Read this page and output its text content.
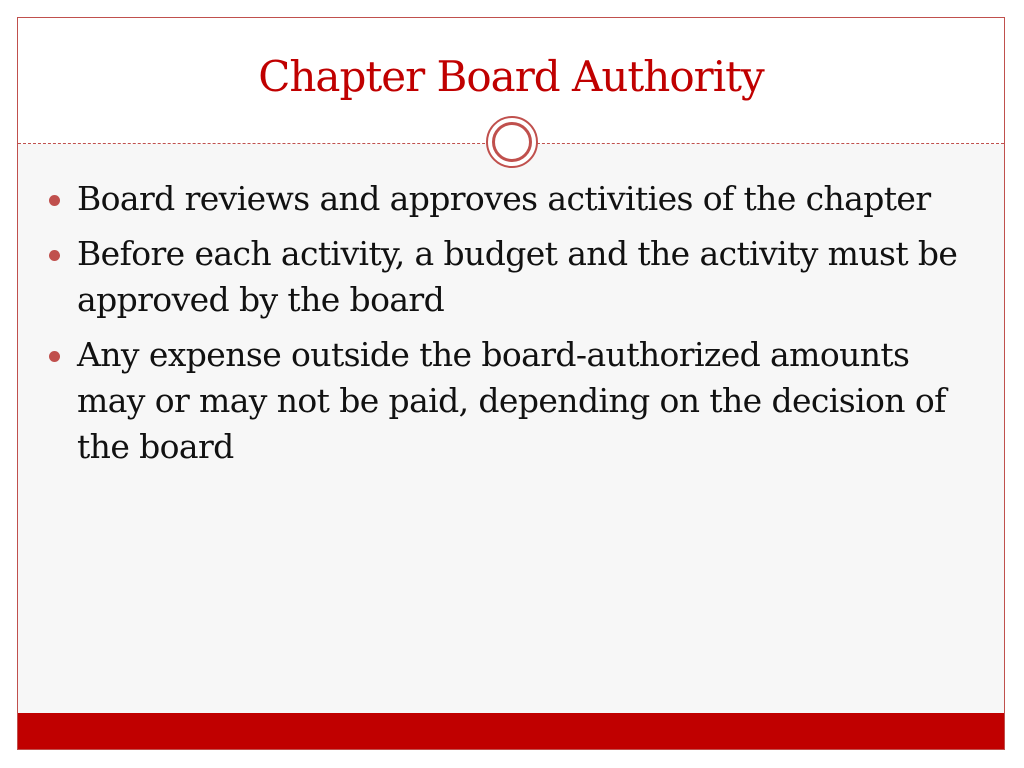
Chapter Board Authority
Board reviews and approves activities of the chapter
Before each activity, a budget and the activity must be approved by the board
Any expense outside the board-authorized amounts may or may not be paid, depending on the decision of the board
